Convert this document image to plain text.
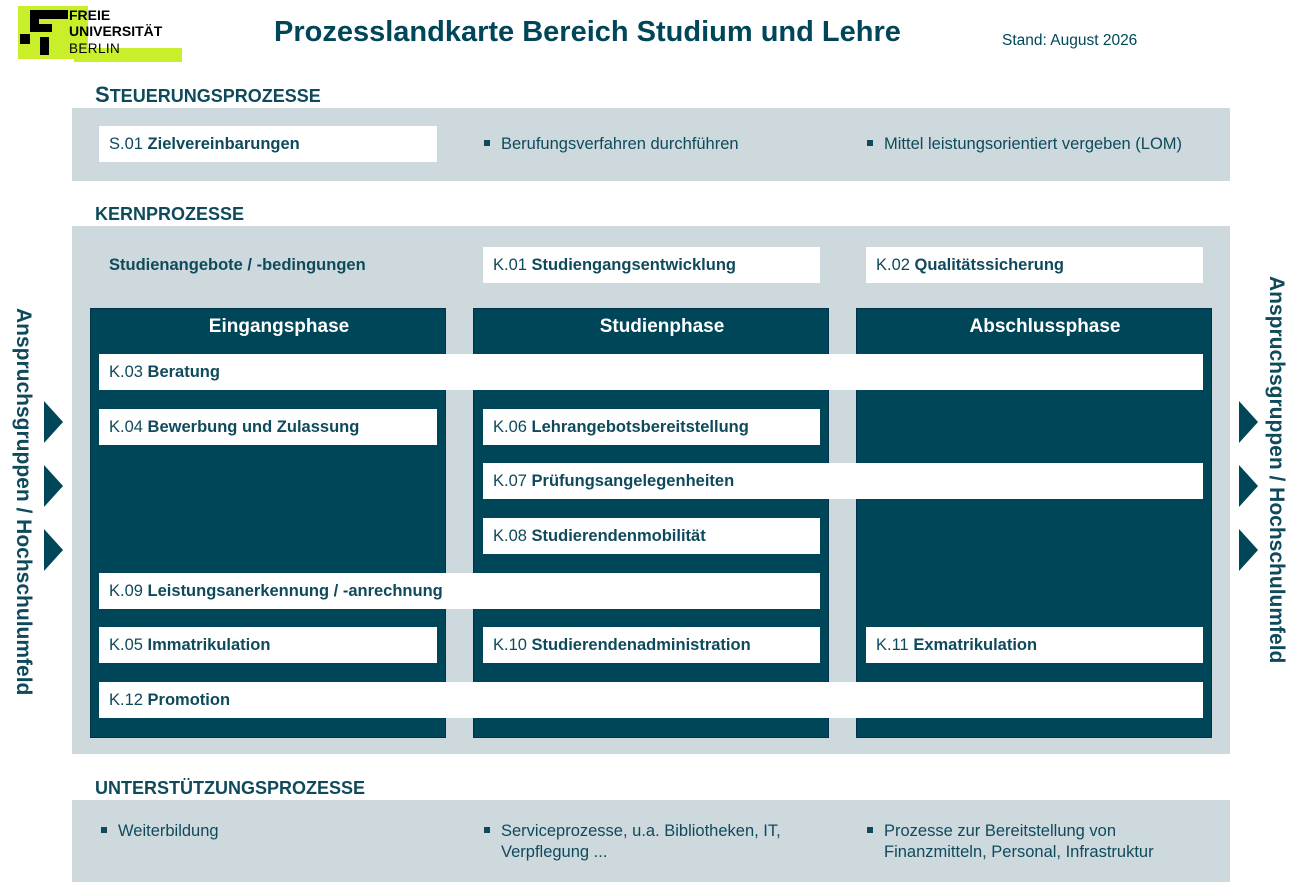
FREIE
UNIVERSITÄT
BERLIN
Prozesslandkarte Bereich Studium und Lehre	Stand: August 2026
STEUERUNGSPROZESSE
S.01 Zielvereinbarungen	Berufungsverfahren durchführen	Mittel leistungsorientiert vergeben (LOM)
KERNPROZESSE
Studienangebote / -bedingungen	K.01 Studiengangsentwicklung	K.02 Qualitätssicherung
Eingangsphase	Studienphase	Abschlussphase
K.03 Beratung
K.04 Bewerbung und Zulassung	K.06 Lehrangebotsbereitstellung
K.07 Prüfungsangelegenheiten
K.08 Studierendenmobilität
K.09 Leistungsanerkennung / -anrechnung
K.05 Immatrikulation	K.10 Studierendenadministration	K.11 Exmatrikulation
K.12 Promotion
Anspruchsgruppen / Hochschulumfeld	Anspruchsgruppen / Hochschulumfeld
UNTERSTÜTZUNGSPROZESSE
Weiterbildung	Serviceprozesse, u.a. Bibliotheken, IT,
Verpflegung ...
Prozesse zur Bereitstellung von
Finanzmitteln, Personal, Infrastruktur
